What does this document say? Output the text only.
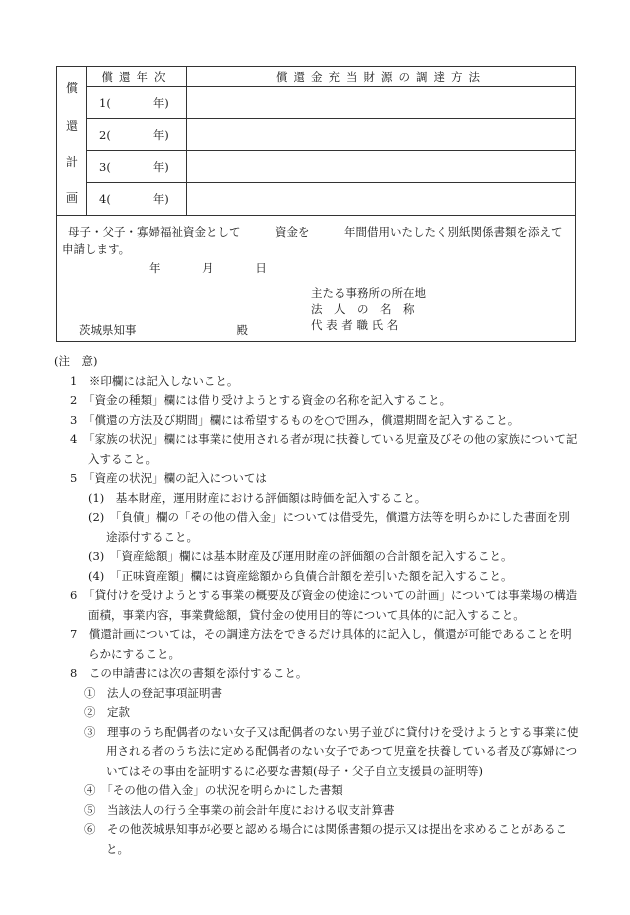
償
還
計
画
償還年次	償還金充当財源の調達方法
1(	年)
2(	年)
3(	年)
4(	年)
母子・父子・寡婦福祉資金として　　　資金を　　　年間借用いたしたく別紙関係書類を添えて申請します。
年	月	日
主たる事務所の所在地
法　人　の　名　称
代 表 者 職 氏 名
茨城県知事	殿

(注　意)

1　※印欄には記入しないこと。

2　「資金の種類」欄には借り受けようとする資金の名称を記入すること。

3　「償還の方法及び期間」欄には希望するものを○で囲み，償還期間を記入すること。

4　「家族の状況」欄には事業に使用される者が現に扶養している児童及びその他の家族について記入すること。

5　「資産の状況」欄の記入については

(1)　基本財産，運用財産における評価額は時価を記入すること。

(2)　「負債」欄の「その他の借入金」については借受先，償還方法等を明らかにした書面を別途添付すること。

(3)　「資産総額」欄には基本財産及び運用財産の評価額の合計額を記入すること。

(4)　「正味資産額」欄には資産総額から負債合計額を差引いた額を記入すること。

6　「貸付けを受けようとする事業の概要及び資金の使途についての計画」については事業場の構造面積，事業内容，事業費総額，貸付金の使用目的等について具体的に記入すること。

7　償還計画については，その調達方法をできるだけ具体的に記入し，償還が可能であることを明らかにすること。

8　この申請書には次の書類を添付すること。

①　法人の登記事項証明書

②　定款

③　理事のうち配偶者のない女子又は配偶者のない男子並びに貸付けを受けようとする事業に使用される者のうち法に定める配偶者のない女子であつて児童を扶養している者及び寡婦についてはその事由を証明するに必要な書類(母子・父子自立支援員の証明等)

④　「その他の借入金」の状況を明らかにした書類

⑤　当該法人の行う全事業の前会計年度における収支計算書

⑥　その他茨城県知事が必要と認める場合には関係書類の提示又は提出を求めることがあること。
